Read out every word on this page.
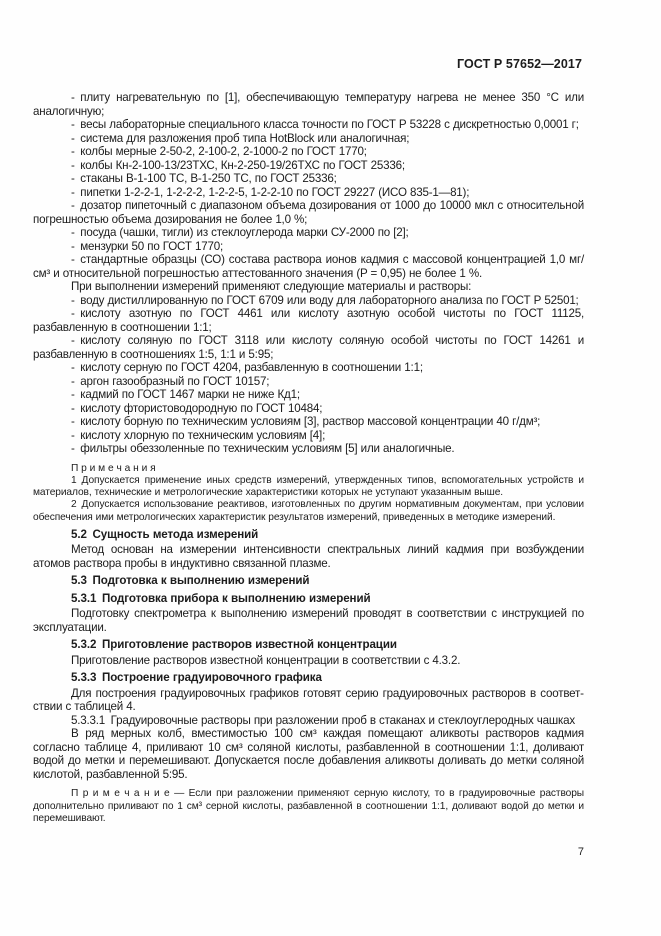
ГОСТ Р 57652—2017

- плиту нагревательную по [1], обеспечивающую температуру нагрева не менее 350 °С или аналогичную;

- весы лабораторные специального класса точности по ГОСТ Р 53228 с дискретностью 0,0001 г;

- система для разложения проб типа HotBlock или аналогичная;

- колбы мерные 2-50-2, 2-100-2, 2-1000-2 по ГОСТ 1770;

- колбы Кн-2-100-13/23ТХС, Кн-2-250-19/26ТХС по ГОСТ 25336;

- стаканы В-1-100 ТС, В-1-250 ТС, по ГОСТ 25336;

- пипетки 1-2-2-1, 1-2-2-2, 1-2-2-5, 1-2-2-10 по ГОСТ 29227 (ИСО 835-1—81);

- дозатор пипеточный с диапазоном объема дозирования от 1000 до 10000 мкл с относительной погрешностью объема дозирования не более 1,0 %;

- посуда (чашки, тигли) из стеклоуглерода марки СУ-2000 по [2];

- мензурки 50 по ГОСТ 1770;

- стандартные образцы (СО) состава раствора ионов кадмия с массовой концентрацией 1,0 мг/см³ и относительной погрешностью аттестованного значения (P = 0,95) не более 1 %.

При выполнении измерений применяют следующие материалы и растворы:

- воду дистиллированную по ГОСТ 6709 или воду для лабораторного анализа по ГОСТ Р 52501;

- кислоту азотную по ГОСТ 4461 или кислоту азотную особой чистоты по ГОСТ 11125, разбавленную в соотношении 1:1;

- кислоту соляную по ГОСТ 3118 или кислоту соляную особой чистоты по ГОСТ 14261 и разбавленную в соотношениях 1:5, 1:1 и 5:95;

- кислоту серную по ГОСТ 4204, разбавленную в соотношении 1:1;

- аргон газообразный по ГОСТ 10157;

- кадмий по ГОСТ 1467 марки не ниже Кд1;

- кислоту фтористоводородную по ГОСТ 10484;

- кислоту борную по техническим условиям [3], раствор массовой концентрации 40 г/дм³;

- кислоту хлорную по техническим условиям [4];

- фильтры обеззоленные по техническим условиям [5] или аналогичные.

П р и м е ч а н и я

1 Допускается применение иных средств измерений, утвержденных типов, вспомогательных устройств и материалов, технические и метрологические характеристики которых не уступают указанным выше.

2 Допускается использование реактивов, изготовленных по другим нормативным документам, при условии обеспечения ими метрологических характеристик результатов измерений, приведенных в методике измерений.

5.2 Сущность метода измерений

Метод основан на измерении интенсивности спектральных линий кадмия при возбуждении атомов раствора пробы в индуктивно связанной плазме.

5.3 Подготовка к выполнению измерений

5.3.1 Подготовка прибора к выполнению измерений

Подготовку спектрометра к выполнению измерений проводят в соответствии с инструкцией по эксплуатации.

5.3.2 Приготовление растворов известной концентрации

Приготовление растворов известной концентрации в соответствии с 4.3.2.

5.3.3 Построение градуировочного графика

Для построения градуировочных графиков готовят серию градуировочных растворов в соответствии с таблицей 4.

5.3.3.1 Градуировочные растворы при разложении проб в стаканах и стеклоуглеродных чашках

В ряд мерных колб, вместимостью 100 см³ каждая помещают аликвоты растворов кадмия согласно таблице 4, приливают 10 см³ соляной кислоты, разбавленной в соотношении 1:1, доливают водой до метки и перемешивают. Допускается после добавления аликвоты доливать до метки соляной кислотой, разбавленной 5:95.

П р и м е ч а н и е — Если при разложении применяют серную кислоту, то в градуировочные растворы дополнительно приливают по 1 см³ серной кислоты, разбавленной в соотношении 1:1, доливают водой до метки и перемешивают.

7
